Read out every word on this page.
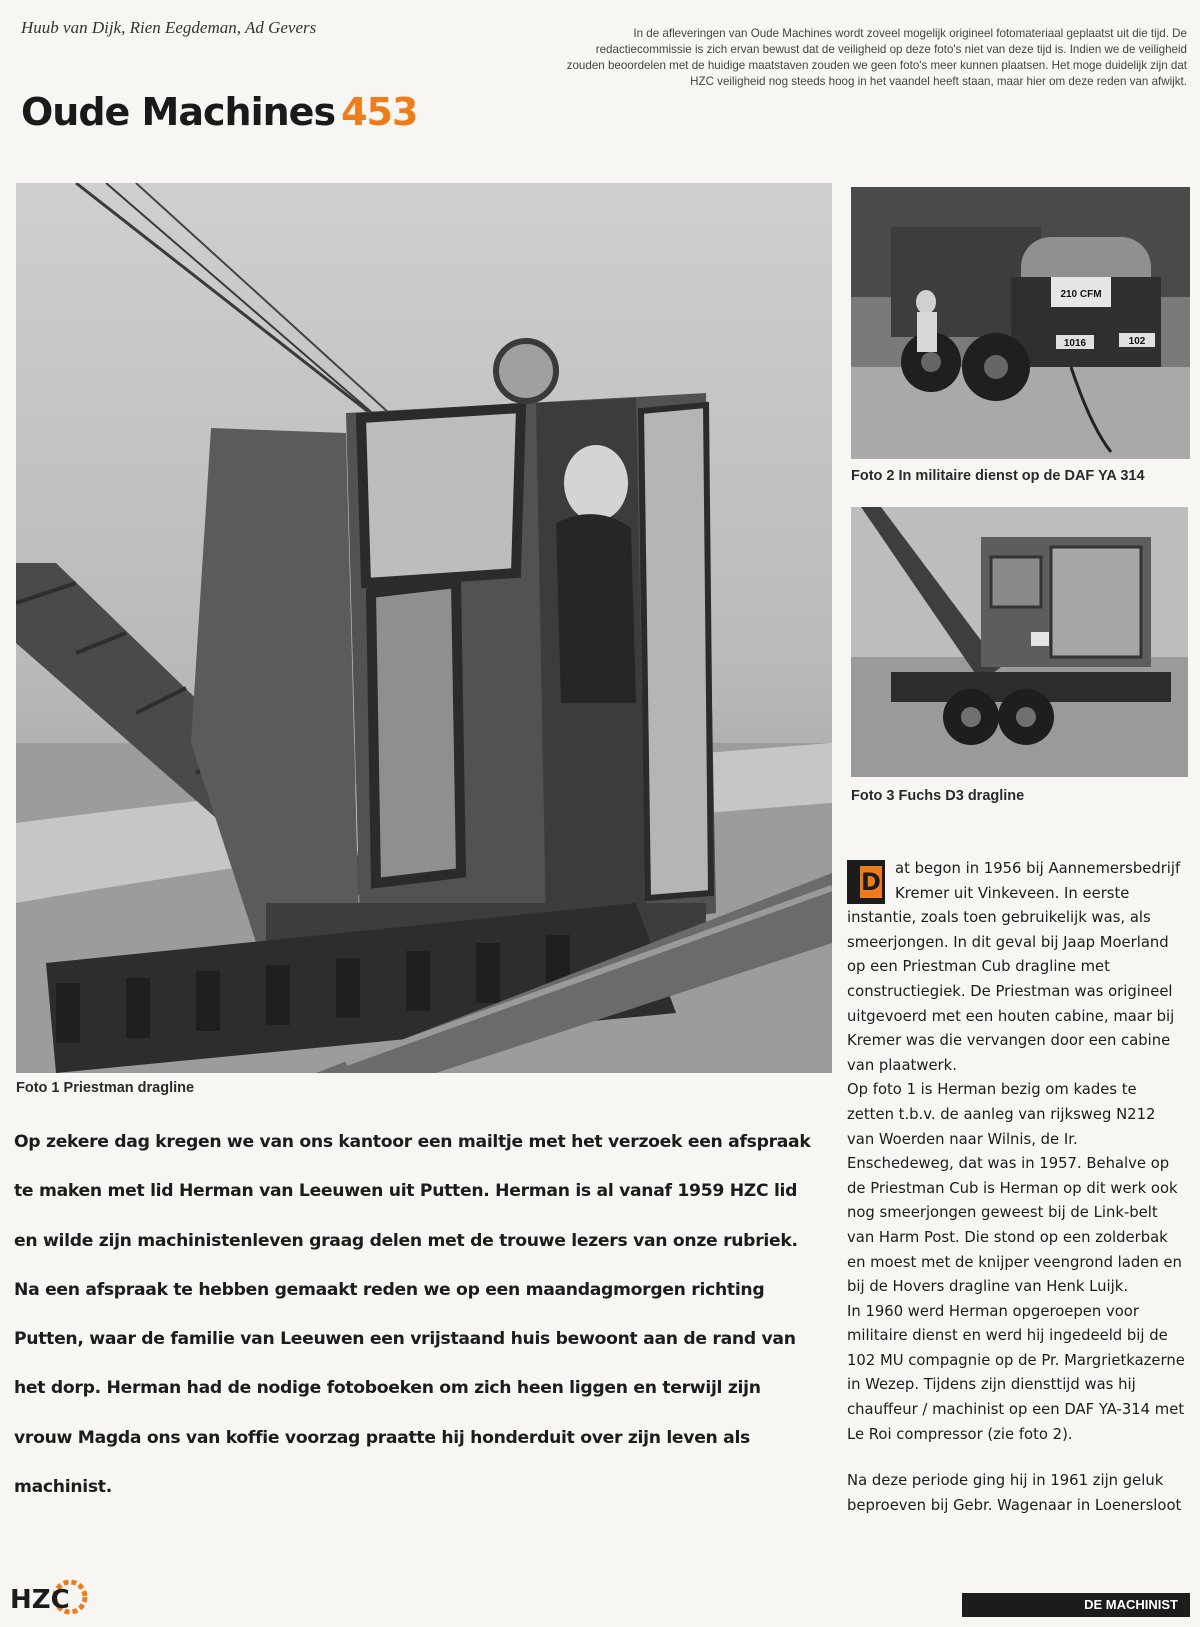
Huub van Dijk, Rien Eegdeman, Ad Gevers	In de afleveringen van Oude Machines wordt zoveel mogelijk origineel fotomateriaal geplaatst uit die tijd. De redactiecommissie is zich ervan bewust dat de veiligheid op deze foto's niet van deze tijd is. Indien we de veiligheid zouden beoordelen met de huidige maatstaven zouden we geen foto's meer kunnen plaatsen. Het moge duidelijk zijn dat HZC veiligheid nog steeds hoog in het vaandel heeft staan, maar hier om deze reden van afwijkt.
Oude Machines 453
Foto 1 Priestman dragline
210 CFM
1016	102
Foto 2 In militaire dienst op de DAF YA 314
Foto 3 Fuchs D3 dragline

Op zekere dag kregen we van ons kantoor een mailtje met het verzoek een afspraak te maken met lid Herman van Leeuwen uit Putten. Herman is al vanaf 1959 HZC lid en wilde zijn machinistenleven graag delen met de trouwe lezers van onze rubriek. Na een afspraak te hebben gemaakt reden we op een maandagmorgen richting Putten, waar de familie van Leeuwen een vrijstaand huis bewoont aan de rand van het dorp. Herman had de nodige fotoboeken om zich heen liggen en terwijl zijn vrouw Magda ons van koffie voorzag praatte hij honderduit over zijn leven als machinist.

D at begon in 1956 bij Aannemersbedrijf Kremer uit Vinkeveen. In eerste instantie, zoals toen gebruikelijk was, als smeerjongen. In dit geval bij Jaap Moerland op een Priestman Cub dragline met constructiegiek. De Priestman was origineel uitgevoerd met een houten cabine, maar bij Kremer was die vervangen door een cabine van plaatwerk.

Op foto 1 is Herman bezig om kades te zetten t.b.v. de aanleg van rijksweg N212 van Woerden naar Wilnis, de Ir. Enschedeweg, dat was in 1957. Behalve op de Priestman Cub is Herman op dit werk ook nog smeerjongen geweest bij de Link-belt van Harm Post. Die stond op een zolderbak en moest met de knijper veengrond laden en bij de Hovers dragline van Henk Luijk.

In 1960 werd Herman opgeroepen voor militaire dienst en werd hij ingedeeld bij de 102 MU compagnie op de Pr. Margrietkazerne in Wezep. Tijdens zijn diensttijd was hij chauffeur / machinist op een DAF YA-314 met Le Roi compressor (zie foto 2).

Na deze periode ging hij in 1961 zijn geluk beproeven bij Gebr. Wagenaar in Loenersloot

HZC	DE MACHINIST
